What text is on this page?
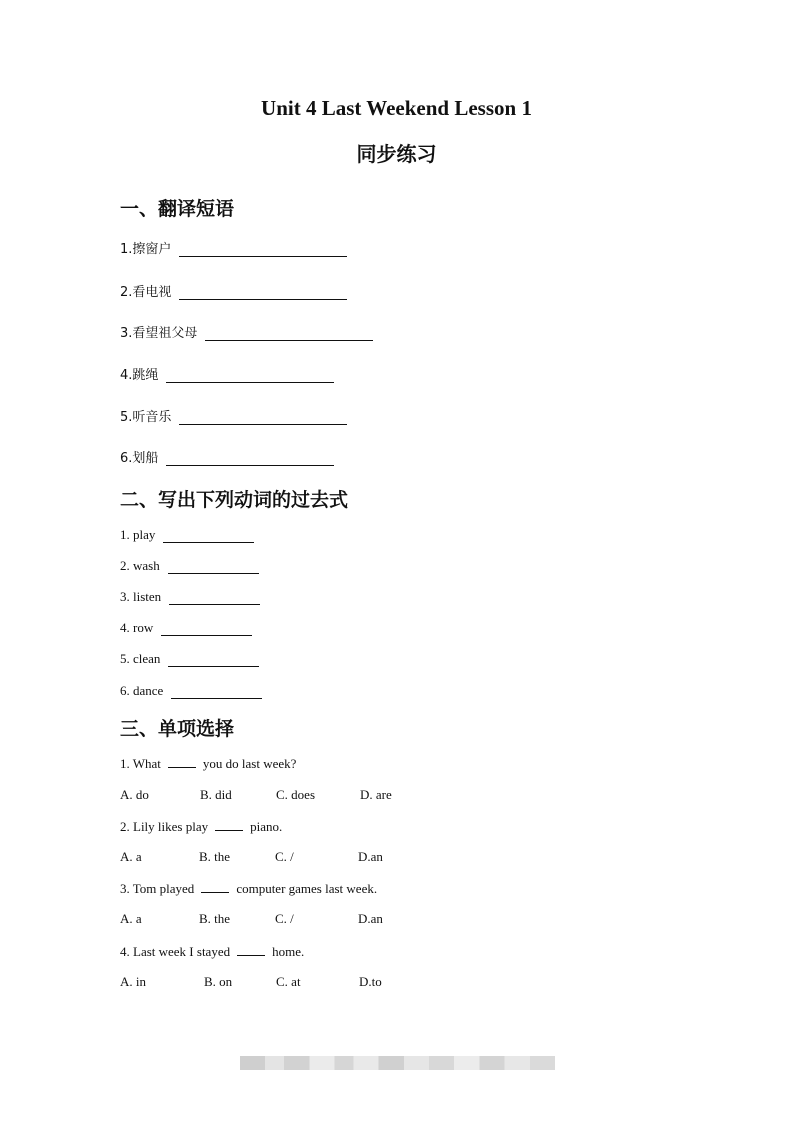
Unit 4 Last Weekend Lesson 1
同步练习
一、翻译短语
1.擦窗户
2.看电视
3.看望祖父母
4.跳绳
5.听音乐
6.划船
二、写出下列动词的过去式
1. play
2. wash
3. listen
4. row
5. clean
6. dance
三、单项选择
1. What	you do last week?
A. do	B. did	C. does	D. are
2. Lily likes play	piano.
A. a	B. the	C. /	D.an
3. Tom played	computer games last week.
A. a	B. the	C. /	D.an
4. Last week I stayed	home.
A. in	B. on	C. at	D.to
